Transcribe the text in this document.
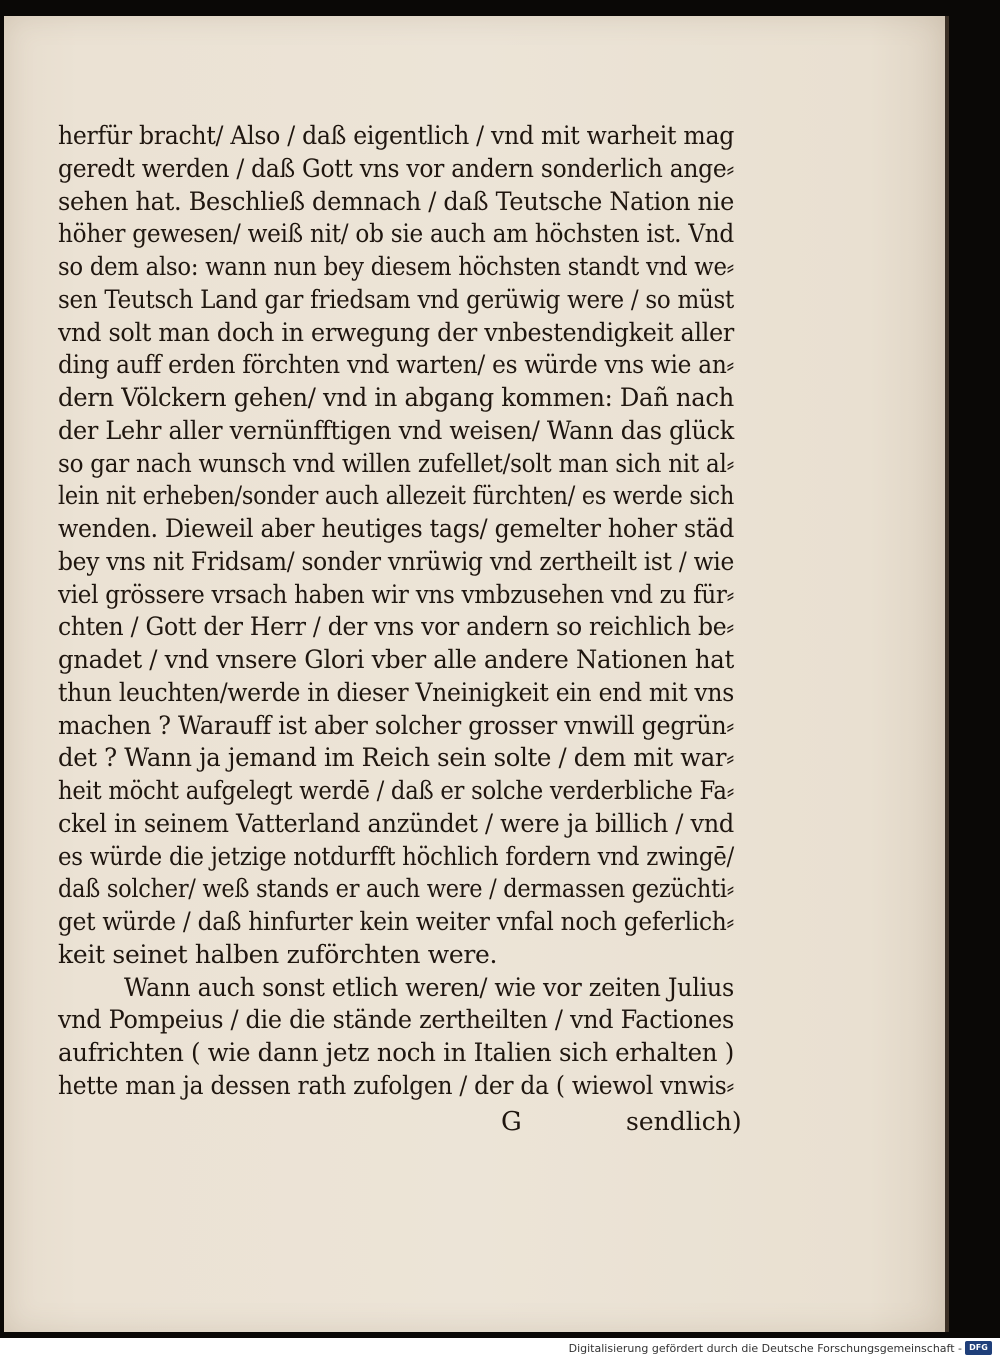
herfür bracht/ Also / daß eigentlich / vnd mit warheit mag
geredt werden / daß Gott vns vor andern sonderlich ange⸗
sehen hat. Beschließ demnach / daß Teutsche Nation nie
höher gewesen/ weiß nit/ ob sie auch am höchsten ist. Vnd
so dem also: wann nun bey diesem höchsten standt vnd we⸗
sen Teutsch Land gar friedsam vnd gerüwig were / so müst
vnd solt man doch in erwegung der vnbestendigkeit aller
ding auff erden förchten vnd warten/ es würde vns wie an⸗
dern Völckern gehen/ vnd in abgang kommen: Dañ nach
der Lehr aller vernünfftigen vnd weisen/ Wann das glück
so gar nach wunsch vnd willen zufellet/solt man sich nit al⸗
lein nit erheben/sonder auch allezeit fürchten/ es werde sich
wenden. Dieweil aber heutiges tags/ gemelter hoher städ
bey vns nit Fridsam/ sonder vnrüwig vnd zertheilt ist / wie
viel grössere vrsach haben wir vns vmbzusehen vnd zu für⸗
chten / Gott der Herr / der vns vor andern so reichlich be⸗
gnadet / vnd vnsere Glori vber alle andere Nationen hat
thun leuchten/werde in dieser Vneinigkeit ein end mit vns
machen ? Warauff ist aber solcher grosser vnwill gegrün⸗
det ? Wann ja jemand im Reich sein solte / dem mit war⸗
heit möcht aufgelegt werdē / daß er solche verderbliche Fa⸗
ckel in seinem Vatterland anzündet / were ja billich / vnd
es würde die jetzige notdurfft höchlich fordern vnd zwingē/
daß solcher/ weß stands er auch were / dermassen gezüchti⸗
get würde / daß hinfurter kein weiter vnfal noch geferlich⸗
keit seinet halben zuförchten were.
Wann auch sonst etlich weren/ wie vor zeiten Julius
vnd Pompeius / die die stände zertheilten / vnd Factiones
aufrichten ( wie dann jetz noch in Italien sich erhalten )
hette man ja dessen rath zufolgen / der da ( wiewol vnwis⸗
G	sendlich)
Digitalisierung gefördert durch die Deutsche Forschungsgemeinschaft - DFG
